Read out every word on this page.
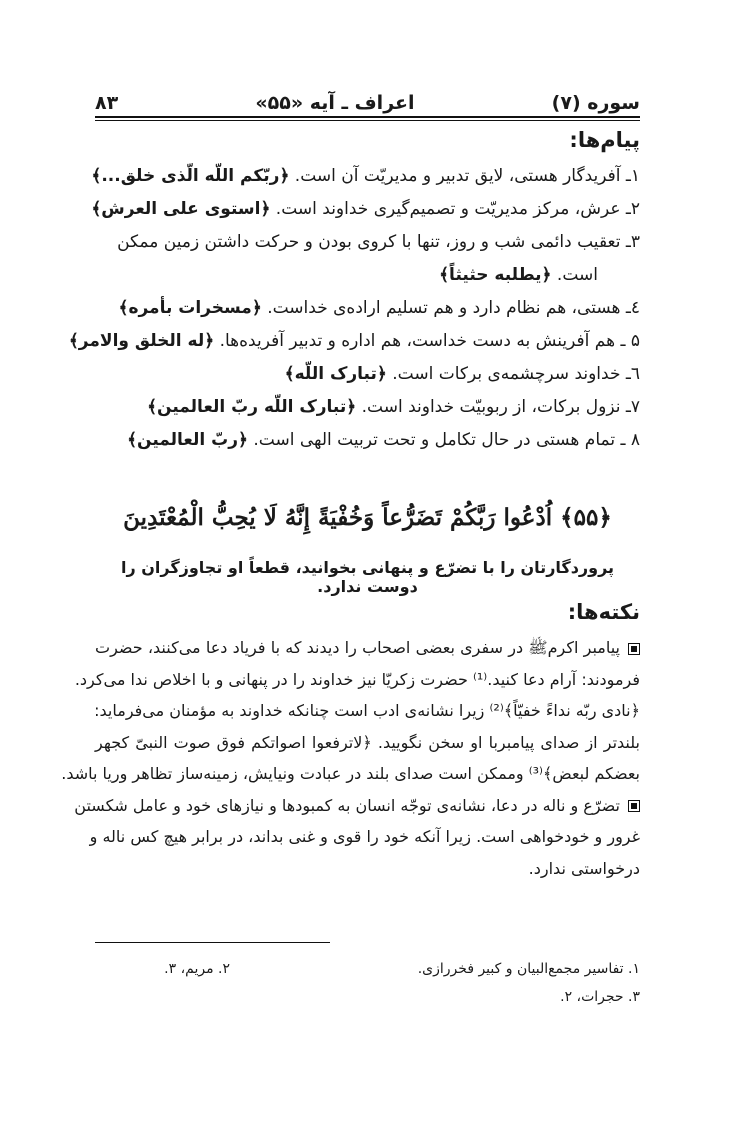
سوره (۷)
اعراف ـ آیه «۵۵»
۸۳
پیام‌ها:
۱ـ آفریدگار هستی، لایق تدبیر و مدیریّت آن است. ﴿ربّکم اللّه الّذی خلق...﴾
۲ـ عرش، مرکز مدیریّت و تصمیم‌گیری خداوند است. ﴿استوی علی العرش﴾
۳ـ تعقیب دائمی شب و روز، تنها با کروی بودن و حرکت داشتن زمین ممکن
است. ﴿یطلبه حثیثاً﴾
٤ـ هستی، هم نظام دارد و هم تسلیم اراده‌ی خداست. ﴿مسخرات بأمره﴾
۵ ـ هم آفرینش به دست خداست، هم اداره و تدبیر آفریده‌ها. ﴿له الخلق والامر﴾
٦ـ خداوند سرچشمه‌ی برکات است. ﴿تبارک اللّه﴾
۷ـ نزول برکات، از ربوبیّت خداوند است. ﴿تبارک اللّه ربّ العالمین﴾
۸ ـ تمام هستی در حال تکامل و تحت تربیت الهی است. ﴿ربّ العالمین﴾
﴿۵۵﴾ اُدْعُوا رَبَّكُمْ تَضَرُّعاً وَخُفْيَةً إِنَّهُ لَا يُحِبُّ الْمُعْتَدِينَ
پروردگارتان را با تضرّع و پنهانی بخوانید، قطعاً او تجاوزگران را دوست ندارد.
نکته‌ها:
پیامبر اکرمﷺ در سفری بعضی اصحاب را دیدند که با فریاد دعا می‌کنند، حضرت
فرمودند: آرام دعا کنید.⁽¹⁾ حضرت زکریّا نیز خداوند را در پنهانی و با اخلاص ندا می‌کرد.
﴿نادی ربّه نداءً خفیّاً﴾⁽²⁾ زیرا نشانه‌ی ادب است چنانکه خداوند به مؤمنان می‌فرماید:
بلندتر از صدای پیامبربا او سخن نگویید. ﴿لاترفعوا اصواتکم فوق صوت النبیّ کجهر
بعضکم لبعض﴾⁽³⁾ وممکن است صدای بلند در عبادت ونیایش، زمینه‌ساز تظاهر وریا باشد.
تضرّع و ناله در دعا، نشانه‌ی توجّه انسان به کمبودها و نیازهای خود و عامل شکستن
غرور و خودخواهی است. زیرا آنکه خود را قوی و غنی بداند، در برابر هیچ کس ناله و
درخواستی ندارد.
۱. تفاسیر مجمع‌البیان و کبیر فخررازی.
۲. مریم، ۳.
۳. حجرات، ۲.
